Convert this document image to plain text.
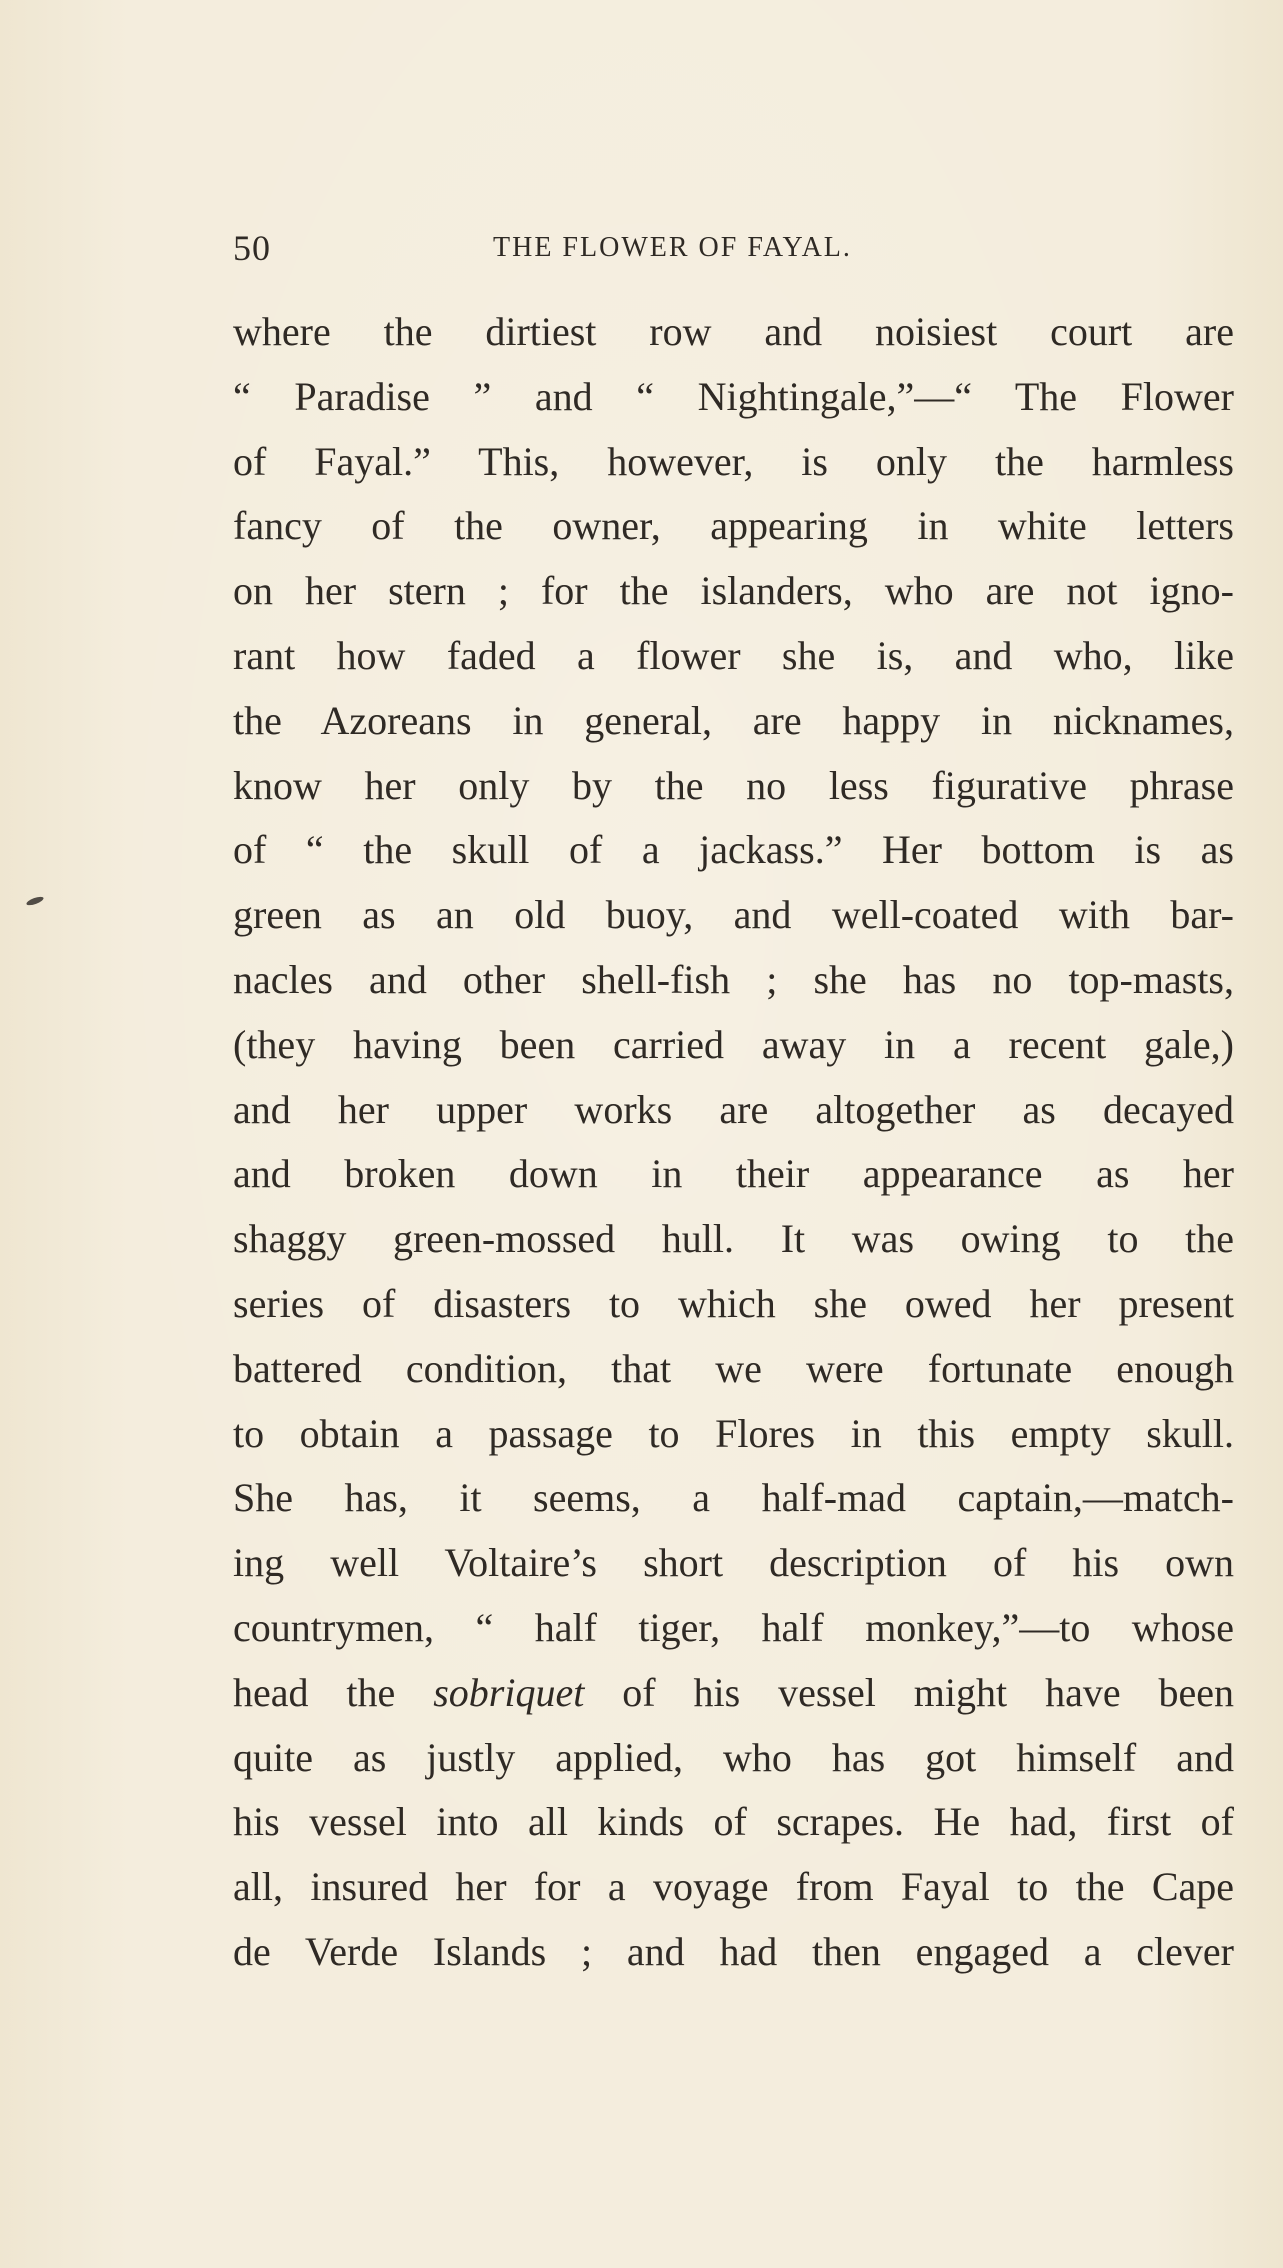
50	THE FLOWER OF FAYAL.
where the dirtiest row and noisiest court are
“ Paradise ” and “ Nightingale,”—“ The Flower
of Fayal.” This, however, is only the harmless
fancy of the owner, appearing in white letters
on her stern ; for the islanders, who are not igno-
rant how faded a flower she is, and who, like
the Azoreans in general, are happy in nicknames,
know her only by the no less figurative phrase
of “ the skull of a jackass.” Her bottom is as
green as an old buoy, and well-coated with bar-
nacles and other shell-fish ; she has no top-masts,
(they having been carried away in a recent gale,)
and her upper works are altogether as decayed
and broken down in their appearance as her
shaggy green-mossed hull. It was owing to the
series of disasters to which she owed her present
battered condition, that we were fortunate enough
to obtain a passage to Flores in this empty skull.
She has, it seems, a half-mad captain,—match-
ing well Voltaire’s short description of his own
countrymen, “ half tiger, half monkey,”—to whose
head the sobriquet of his vessel might have been
quite as justly applied, who has got himself and
his vessel into all kinds of scrapes. He had, first of
all, insured her for a voyage from Fayal to the Cape
de Verde Islands ; and had then engaged a clever
